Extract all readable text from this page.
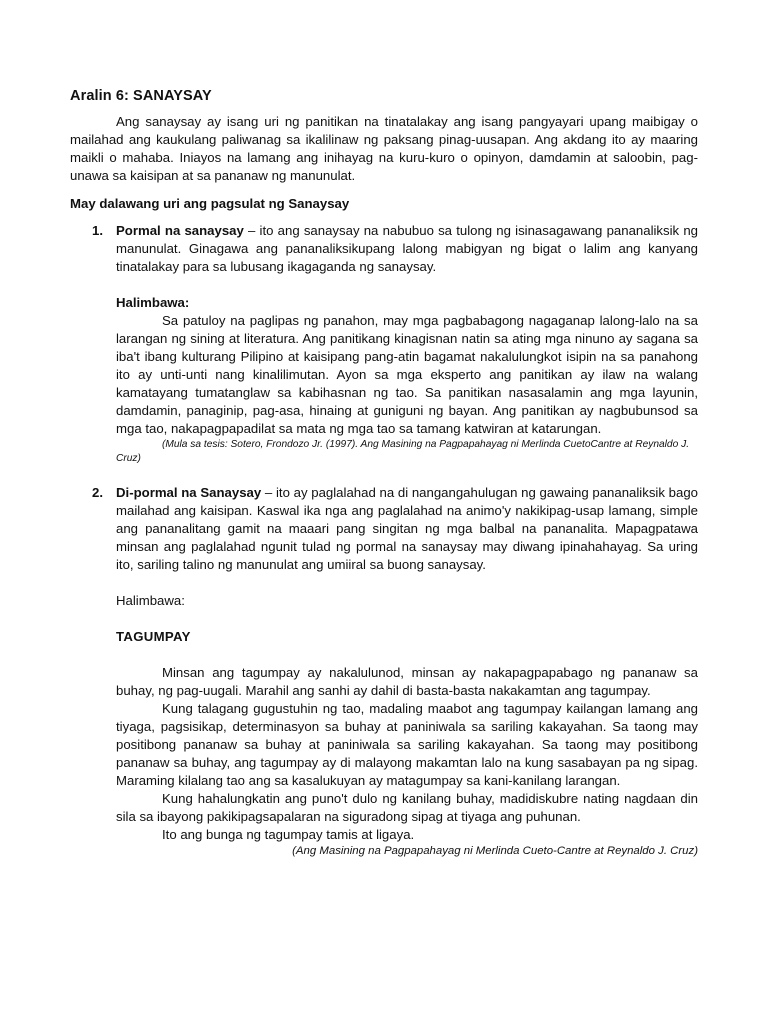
Aralin 6: SANAYSAY

Ang sanaysay ay isang uri ng panitikan na tinatalakay ang isang pangyayari upang maibigay o mailahad ang kaukulang paliwanag sa ikalilinaw ng paksang pinag-uusapan. Ang akdang ito ay maaring maikli o mahaba. Iniayos na lamang ang inihayag na kuru-kuro o opinyon, damdamin at saloobin, pag-unawa sa kaisipan at sa pananaw ng manunulat.

May dalawang uri ang pagsulat ng Sanaysay
1. Pormal na sanaysay – ito ang sanaysay na nabubuo sa tulong ng isinasagawang pananaliksik ng manunulat. Ginagawa ang pananaliksikupang lalong mabigyan ng bigat o lalim ang kanyang tinatalakay para sa lubusang ikagaganda ng sanaysay.

Halimbawa:

Sa patuloy na paglipas ng panahon, may mga pagbabagong nagaganap lalong-lalo na sa larangan ng sining at literatura. Ang panitikang kinagisnan natin sa ating mga ninuno ay sagana sa iba't ibang kulturang Pilipino at kaisipang pang-atin bagamat nakalulungkot isipin na sa panahong ito ay unti-unti nang kinalilimutan. Ayon sa mga eksperto ang panitikan ay ilaw na walang kamatayang tumatanglaw sa kabihasnan ng tao. Sa panitikan nasasalamin ang mga layunin, damdamin, panaginip, pag-asa, hinaing at guniguni ng bayan. Ang panitikan ay nagbubunsod sa mga tao, nakapagpapadilat sa mata ng mga tao sa tamang katwiran at katarungan.

(Mula sa tesis: Sotero, Frondozo Jr. (1997). Ang Masining na Pagpapahayag ni Merlinda CuetoCantre at Reynaldo J. Cruz)

2. Di-pormal na Sanaysay – ito ay paglalahad na di nangangahulugan ng gawaing pananaliksik bago mailahad ang kaisipan. Kaswal ika nga ang paglalahad na animo'y nakikipag-usap lamang, simple ang pananalitang gamit na maaari pang singitan ng mga balbal na pananalita. Mapagpatawa minsan ang paglalahad ngunit tulad ng pormal na sanaysay may diwang ipinahahayag. Sa uring ito, sariling talino ng manunulat ang umiiral sa buong sanaysay.

Halimbawa:
TAGUMPAY

Minsan ang tagumpay ay nakalulunod, minsan ay nakapagpapabago ng pananaw sa buhay, ng pag-uugali. Marahil ang sanhi ay dahil di basta-basta nakakamtan ang tagumpay.

Kung talagang gugustuhin ng tao, madaling maabot ang tagumpay kailangan lamang ang tiyaga, pagsisikap, determinasyon sa buhay at paniniwala sa sariling kakayahan. Sa taong may positibong pananaw sa buhay at paniniwala sa sariling kakayahan. Sa taong may positibong pananaw sa buhay, ang tagumpay ay di malayong makamtan lalo na kung sasabayan pa ng sipag. Maraming kilalang tao ang sa kasalukuyan ay matagumpay sa kani-kanilang larangan.

Kung hahalungkatin ang puno't dulo ng kanilang buhay, madidiskubre nating nagdaan din sila sa ibayong pakikipagsapalaran na siguradong sipag at tiyaga ang puhunan.

Ito ang bunga ng tagumpay tamis at ligaya.

(Ang Masining na Pagpapahayag ni Merlinda Cueto-Cantre at Reynaldo J. Cruz)
